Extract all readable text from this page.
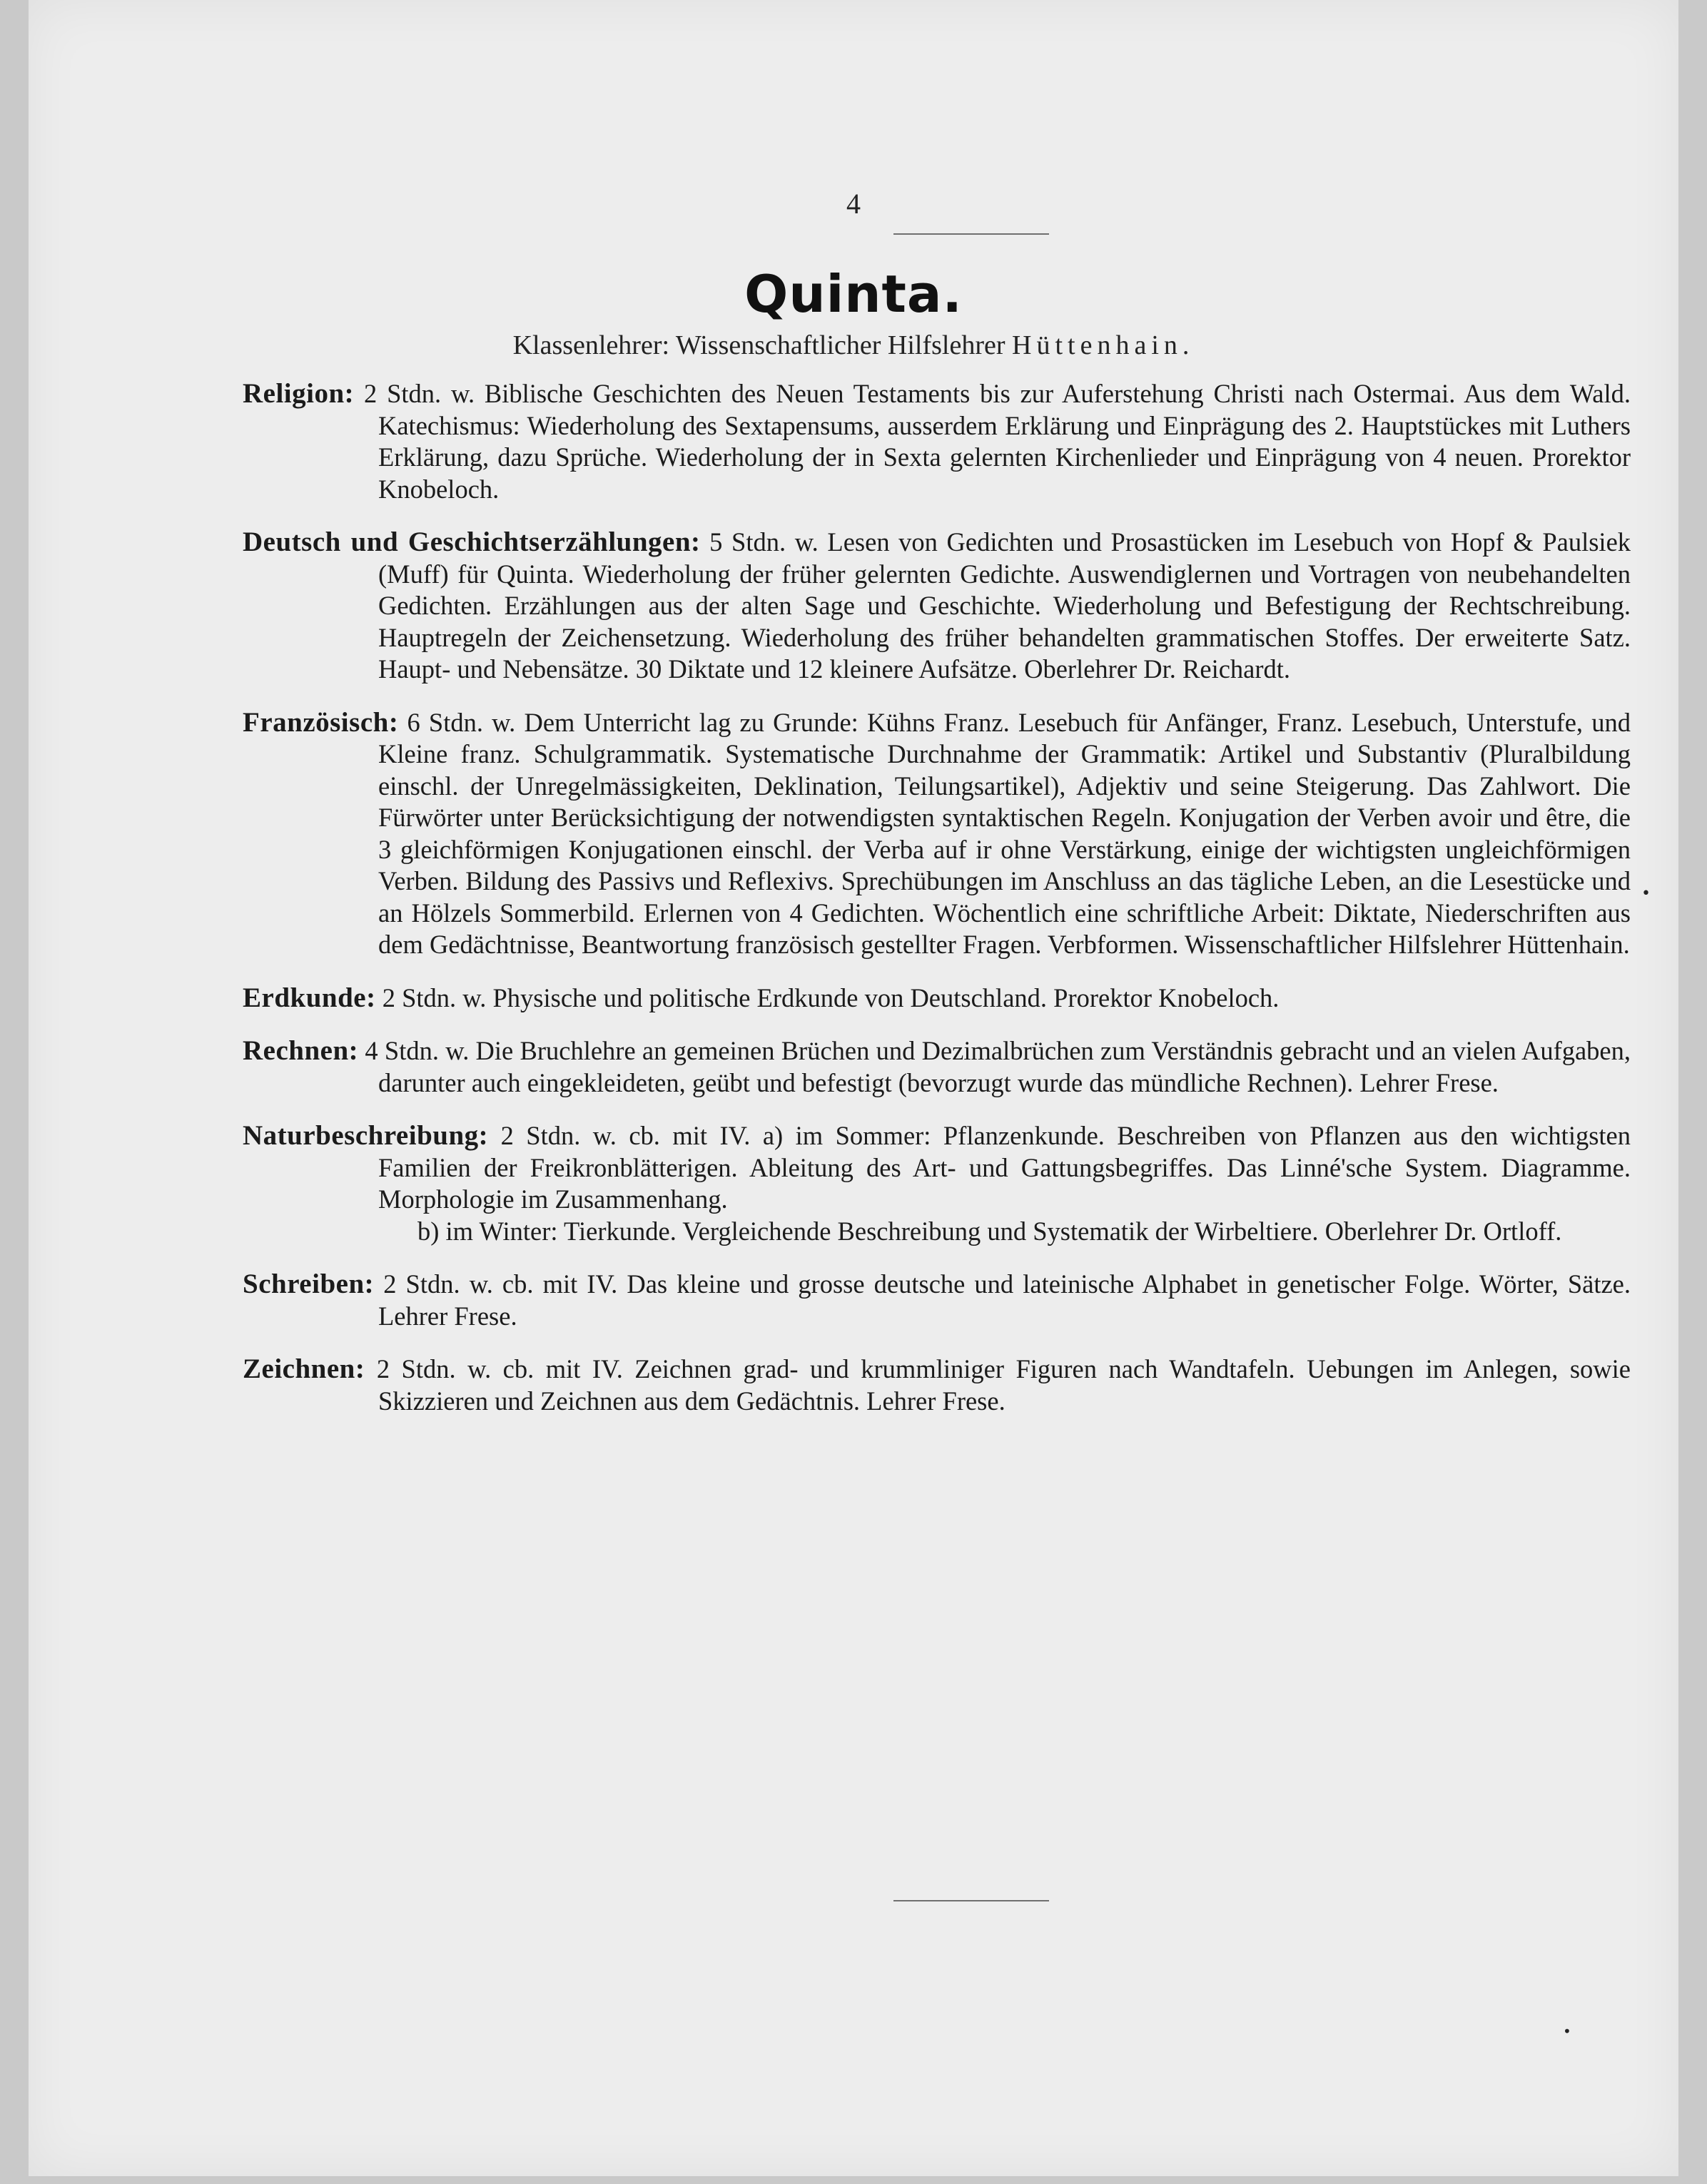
4
Quinta.
Klassenlehrer: Wissenschaftlicher Hilfslehrer Hüttenhain.
Religion: 2 Stdn. w. Biblische Geschichten des Neuen Testaments bis zur Auferstehung Christi nach Ostermai. Aus dem Wald. Katechismus: Wiederholung des Sextapensums, ausserdem Erklärung und Einprägung des 2. Hauptstückes mit Luthers Erklärung, dazu Sprüche. Wiederholung der in Sexta gelernten Kirchenlieder und Einprägung von 4 neuen. Prorektor Knobeloch.
Deutsch und Geschichtserzählungen: 5 Stdn. w. Lesen von Gedichten und Prosastücken im Lesebuch von Hopf & Paulsiek (Muff) für Quinta. Wiederholung der früher gelernten Gedichte. Auswendiglernen und Vortragen von neubehandelten Gedichten. Erzählungen aus der alten Sage und Geschichte. Wiederholung und Befestigung der Rechtschreibung. Hauptregeln der Zeichensetzung. Wiederholung des früher behandelten grammatischen Stoffes. Der erweiterte Satz. Haupt- und Nebensätze. 30 Diktate und 12 kleinere Aufsätze. Oberlehrer Dr. Reichardt.
Französisch: 6 Stdn. w. Dem Unterricht lag zu Grunde: Kühns Franz. Lesebuch für Anfänger, Franz. Lesebuch, Unterstufe, und Kleine franz. Schulgrammatik. Systematische Durchnahme der Grammatik: Artikel und Substantiv (Pluralbildung einschl. der Unregelmässigkeiten, Deklination, Teilungsartikel), Adjektiv und seine Steigerung. Das Zahlwort. Die Fürwörter unter Berücksichtigung der notwendigsten syntaktischen Regeln. Konjugation der Verben avoir und être, die 3 gleichförmigen Konjugationen einschl. der Verba auf ir ohne Verstärkung, einige der wichtigsten ungleichförmigen Verben. Bildung des Passivs und Reflexivs. Sprechübungen im Anschluss an das tägliche Leben, an die Lesestücke und an Hölzels Sommerbild. Erlernen von 4 Gedichten. Wöchentlich eine schriftliche Arbeit: Diktate, Niederschriften aus dem Gedächtnisse, Beantwortung französisch gestellter Fragen. Verbformen. Wissenschaftlicher Hilfslehrer Hüttenhain.
Erdkunde: 2 Stdn. w. Physische und politische Erdkunde von Deutschland. Prorektor Knobeloch.
Rechnen: 4 Stdn. w. Die Bruchlehre an gemeinen Brüchen und Dezimalbrüchen zum Verständnis gebracht und an vielen Aufgaben, darunter auch eingekleideten, geübt und befestigt (bevorzugt wurde das mündliche Rechnen). Lehrer Frese.
Naturbeschreibung: 2 Stdn. w. cb. mit IV. a) im Sommer: Pflanzenkunde. Beschreiben von Pflanzen aus den wichtigsten Familien der Freikronblätterigen. Ableitung des Art- und Gattungsbegriffes. Das Linné'sche System. Diagramme. Morphologie im Zusammenhang.
b) im Winter: Tierkunde. Vergleichende Beschreibung und Systematik der Wirbeltiere. Oberlehrer Dr. Ortloff.
Schreiben: 2 Stdn. w. cb. mit IV. Das kleine und grosse deutsche und lateinische Alphabet in genetischer Folge. Wörter, Sätze. Lehrer Frese.
Zeichnen: 2 Stdn. w. cb. mit IV. Zeichnen grad- und krummliniger Figuren nach Wandtafeln. Uebungen im Anlegen, sowie Skizzieren und Zeichnen aus dem Gedächtnis. Lehrer Frese.
•
•
